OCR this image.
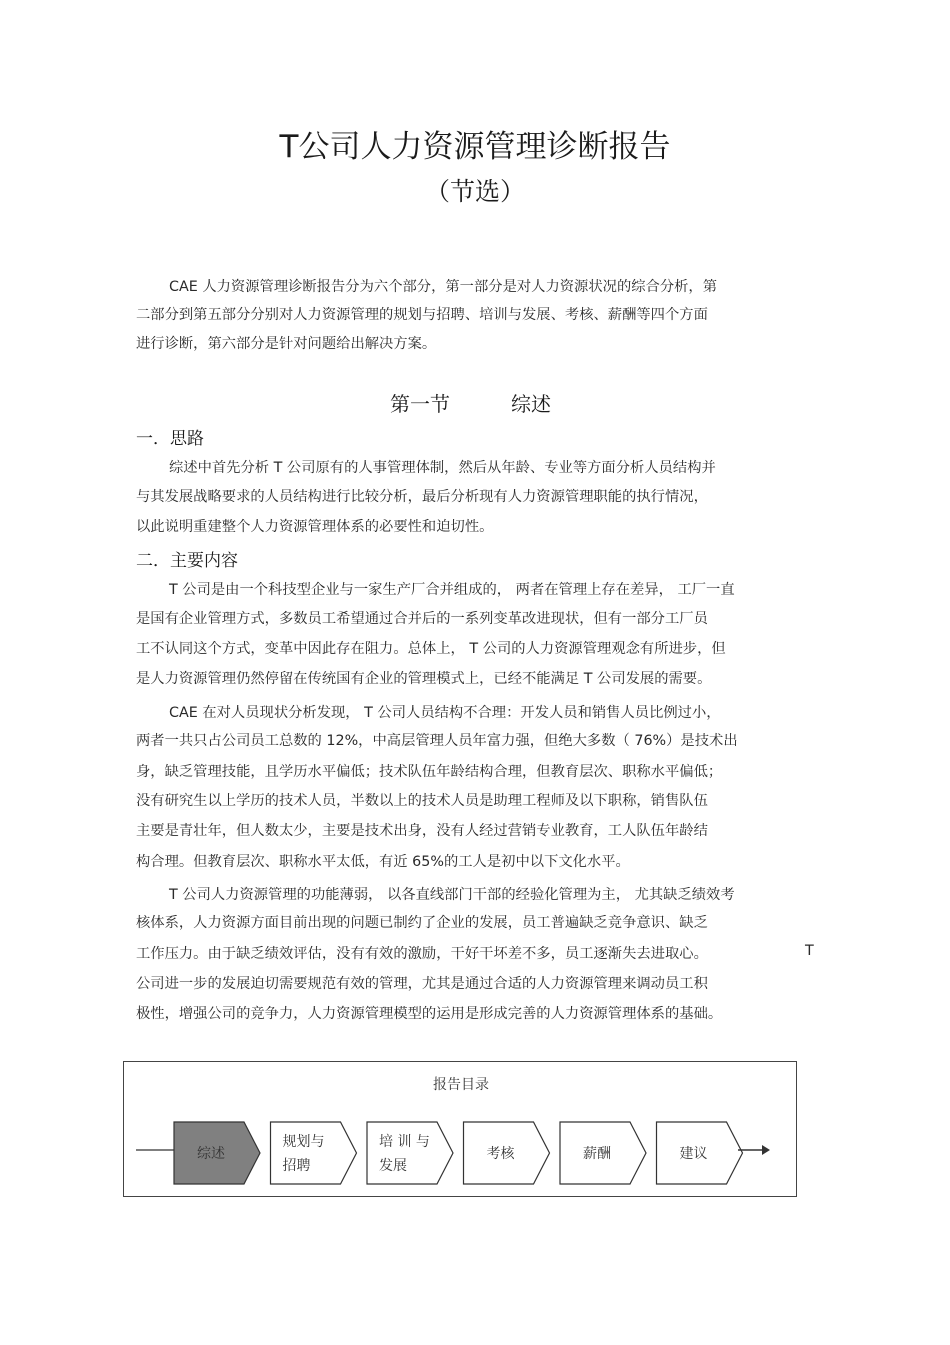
T公司人力资源管理诊断报告
（节选）
CAE 人力资源管理诊断报告分为六个部分，第一部分是对人力资源状况的综合分析，第
二部分到第五部分分别对人力资源管理的规划与招聘、培训与发展、考核、薪酬等四个方面
进行诊断，第六部分是针对问题给出解决方案。
第一节	综述
一．思路
综述中首先分析 T 公司原有的人事管理体制，然后从年龄、专业等方面分析人员结构并
与其发展战略要求的人员结构进行比较分析，最后分析现有人力资源管理职能的执行情况，
以此说明重建整个人力资源管理体系的必要性和迫切性。
二．主要内容
T 公司是由一个科技型企业与一家生产厂合并组成的， 两者在管理上存在差异， 工厂一直
是国有企业管理方式，多数员工希望通过合并后的一系列变革改进现状，但有一部分工厂员
工不认同这个方式，变革中因此存在阻力。总体上， T 公司的人力资源管理观念有所进步，但
是人力资源管理仍然停留在传统国有企业的管理模式上，已经不能满足 T 公司发展的需要。
CAE 在对人员现状分析发现， T 公司人员结构不合理：开发人员和销售人员比例过小，
两者一共只占公司员工总数的 12%，中高层管理人员年富力强，但绝大多数（ 76%）是技术出
身，缺乏管理技能，且学历水平偏低；技术队伍年龄结构合理，但教育层次、职称水平偏低；
没有研究生以上学历的技术人员，半数以上的技术人员是助理工程师及以下职称，销售队伍
主要是青壮年，但人数太少，主要是技术出身，没有人经过营销专业教育，工人队伍年龄结
构合理。但教育层次、职称水平太低，有近 65%的工人是初中以下文化水平。
T 公司人力资源管理的功能薄弱， 以各直线部门干部的经验化管理为主， 尤其缺乏绩效考
核体系，人力资源方面目前出现的问题已制约了企业的发展，员工普遍缺乏竞争意识、缺乏
工作压力。由于缺乏绩效评估，没有有效的激励，干好干坏差不多，员工逐渐失去进取心。	T
公司进一步的发展迫切需要规范有效的管理，尤其是通过合适的人力资源管理来调动员工积
极性，增强公司的竞争力，人力资源管理模型的运用是形成完善的人力资源管理体系的基础。
报告目录
综述
规划与
招聘
培 训 与
发展
考核	薪酬	建议
